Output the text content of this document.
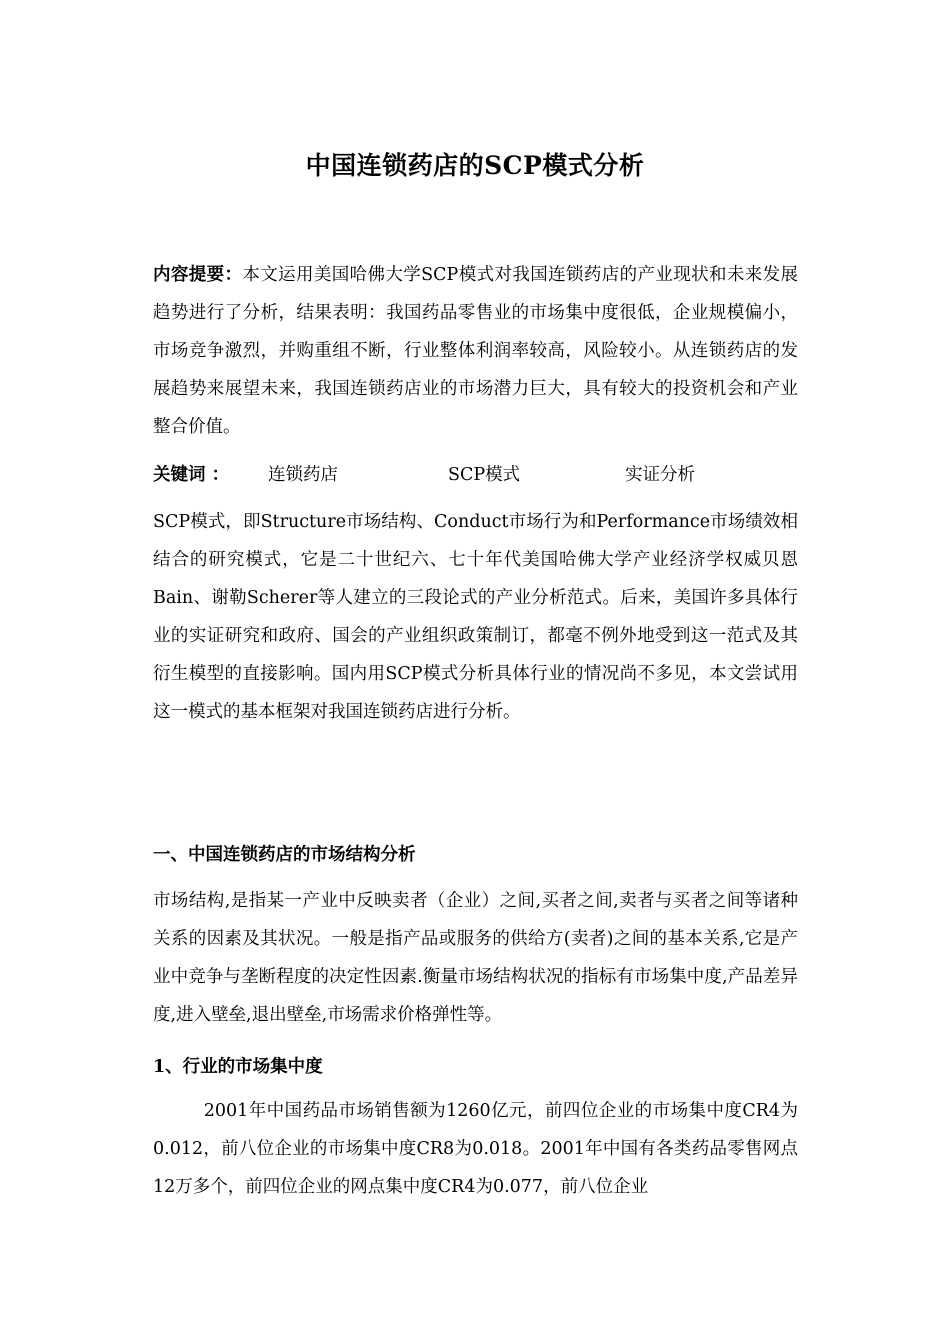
中国连锁药店的SCP模式分析
内容提要：本文运用美国哈佛大学SCP模式对我国连锁药店的产业现状和未来发展趋势进行了分析，结果表明：我国药品零售业的市场集中度很低，企业规模偏小，市场竞争激烈，并购重组不断，行业整体利润率较高，风险较小。从连锁药店的发展趋势来展望未来，我国连锁药店业的市场潜力巨大，具有较大的投资机会和产业整合价值。
关键词 ： 连锁药店	SCP模式	实证分析
SCP模式，即Structure市场结构、Conduct市场行为和Performance市场绩效相结合的研究模式，它是二十世纪六、七十年代美国哈佛大学产业经济学权威贝恩 Bain、谢勒Scherer等人建立的三段论式的产业分析范式。后来，美国许多具体行业的实证研究和政府、国会的产业组织政策制订，都毫不例外地受到这一范式及其衍生模型的直接影响。国内用SCP模式分析具体行业的情况尚不多见，本文尝试用这一模式的基本框架对我国连锁药店进行分析。
一、中国连锁药店的市场结构分析
市场结构,是指某一产业中反映卖者（企业）之间,买者之间,卖者与买者之间等诸种关系的因素及其状况。一般是指产品或服务的供给方(卖者)之间的基本关系,它是产业中竞争与垄断程度的决定性因素.衡量市场结构状况的指标有市场集中度,产品差异度,进入壁垒,退出壁垒,市场需求价格弹性等。
1、行业的市场集中度
2001年中国药品市场销售额为1260亿元，前四位企业的市场集中度CR4为0.012，前八位企业的市场集中度CR8为0.018。2001年中国有各类药品零售网点12万多个，前四位企业的网点集中度CR4为0.077，前八位企业
